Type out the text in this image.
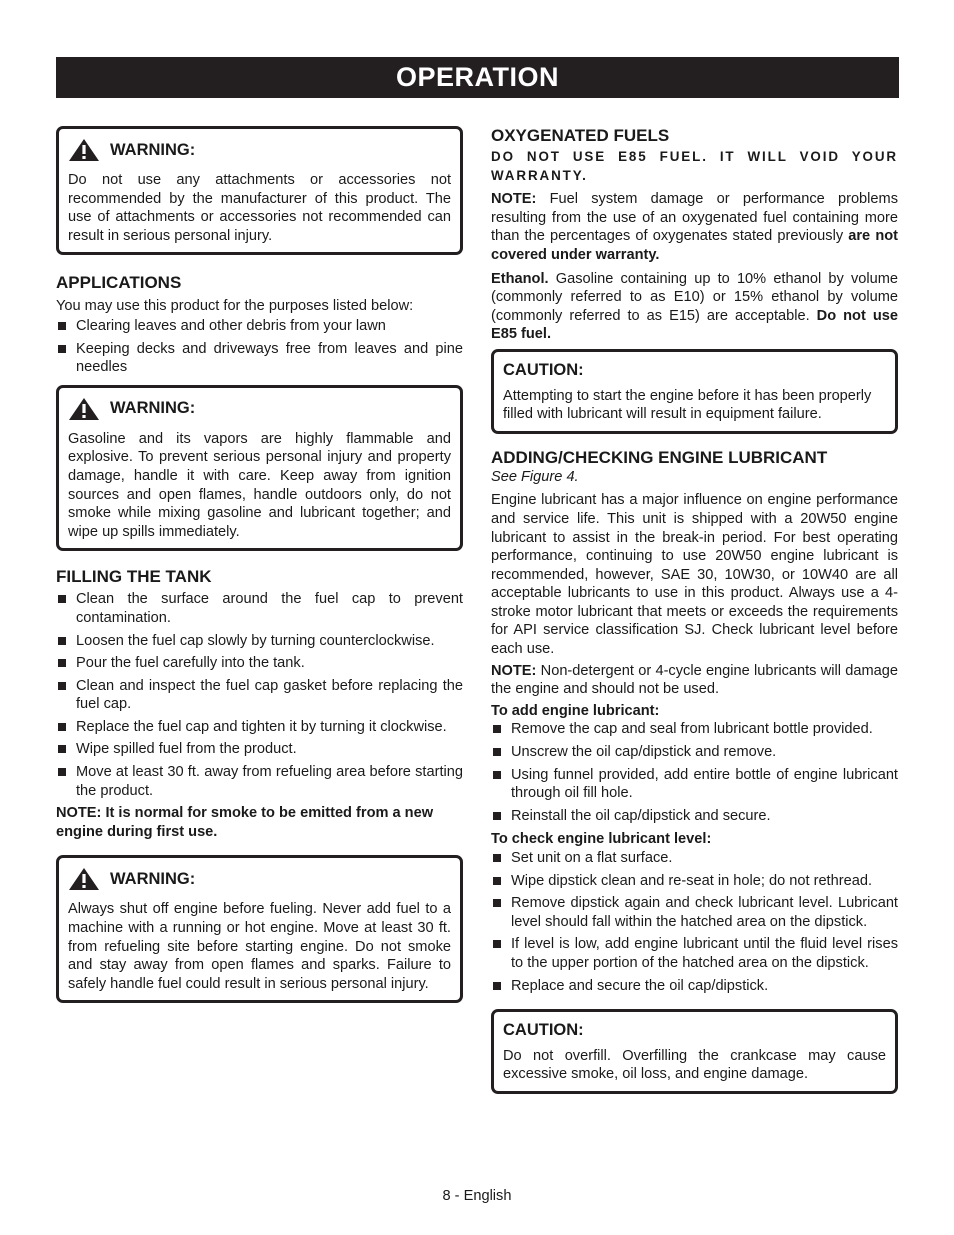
OPERATION
WARNING:

Do not use any attachments or accessories not recommended by the manufacturer of this product. The use of attachments or accessories not recommended can result in serious personal injury.

APPLICATIONS

You may use this product for the purposes listed below:

Clearing leaves and other debris from your lawn
Keeping decks and driveways free from leaves and pine needles
WARNING:

Gasoline and its vapors are highly flammable and explosive. To prevent serious personal injury and property damage, handle it with care. Keep away from ignition sources and open flames, handle outdoors only, do not smoke while mixing gasoline and lubricant together; and wipe up spills immediately.

FILLING THE TANK
Clean the surface around the fuel cap to prevent contamination.
Loosen the fuel cap slowly by turning counterclockwise.
Pour the fuel carefully into the tank.
Clean and inspect the fuel cap gasket before replacing the fuel cap.
Replace the fuel cap and tighten it by turning it clockwise.
Wipe spilled fuel from the product.
Move at least 30 ft. away from refueling area before starting the product.

NOTE: It is normal for smoke to be emitted from a new engine during first use.

WARNING:

Always shut off engine before fueling. Never add fuel to a machine with a running or hot engine. Move at least 30 ft. from refueling site before starting engine. Do not smoke and stay away from open flames and sparks. Failure to safely handle fuel could result in serious personal injury.

OXYGENATED FUELS

DO NOT USE E85 FUEL. IT WILL VOID YOUR WARRANTY.

NOTE: Fuel system damage or performance problems resulting from the use of an oxygenated fuel containing more than the percentages of oxygenates stated previously are not covered under warranty.

Ethanol. Gasoline containing up to 10% ethanol by volume (commonly referred to as E10) or 15% ethanol by volume (commonly referred to as E15) are acceptable. Do not use E85 fuel.

CAUTION:

Attempting to start the engine before it has been properly filled with lubricant will result in equipment failure.

ADDING/CHECKING ENGINE LUBRICANT

See Figure 4.

Engine lubricant has a major influence on engine performance and service life. This unit is shipped with a 20W50 engine lubricant to assist in the break-in period. For best operating performance, continuing to use 20W50 engine lubricant is recommended, however, SAE 30, 10W30, or 10W40 are all acceptable lubricants to use in this product. Always use a 4-stroke motor lubricant that meets or exceeds the requirements for API service classification SJ. Check lubricant level before each use.

NOTE: Non-detergent or 4-cycle engine lubricants will damage the engine and should not be used.

To add engine lubricant:

Remove the cap and seal from lubricant bottle provided.
Unscrew the oil cap/dipstick and remove.
Using funnel provided, add entire bottle of engine lubricant through oil fill hole.
Reinstall the oil cap/dipstick and secure.

To check engine lubricant level:

Set unit on a flat surface.
Wipe dipstick clean and re-seat in hole; do not rethread.
Remove dipstick again and check lubricant level. Lubricant level should fall within the hatched area on the dipstick.
If level is low, add engine lubricant until the fluid level rises to the upper portion of the hatched area on the dipstick.
Replace and secure the oil cap/dipstick.
CAUTION:

Do not overfill. Overfilling the crankcase may cause excessive smoke, oil loss, and engine damage.

8 - English
